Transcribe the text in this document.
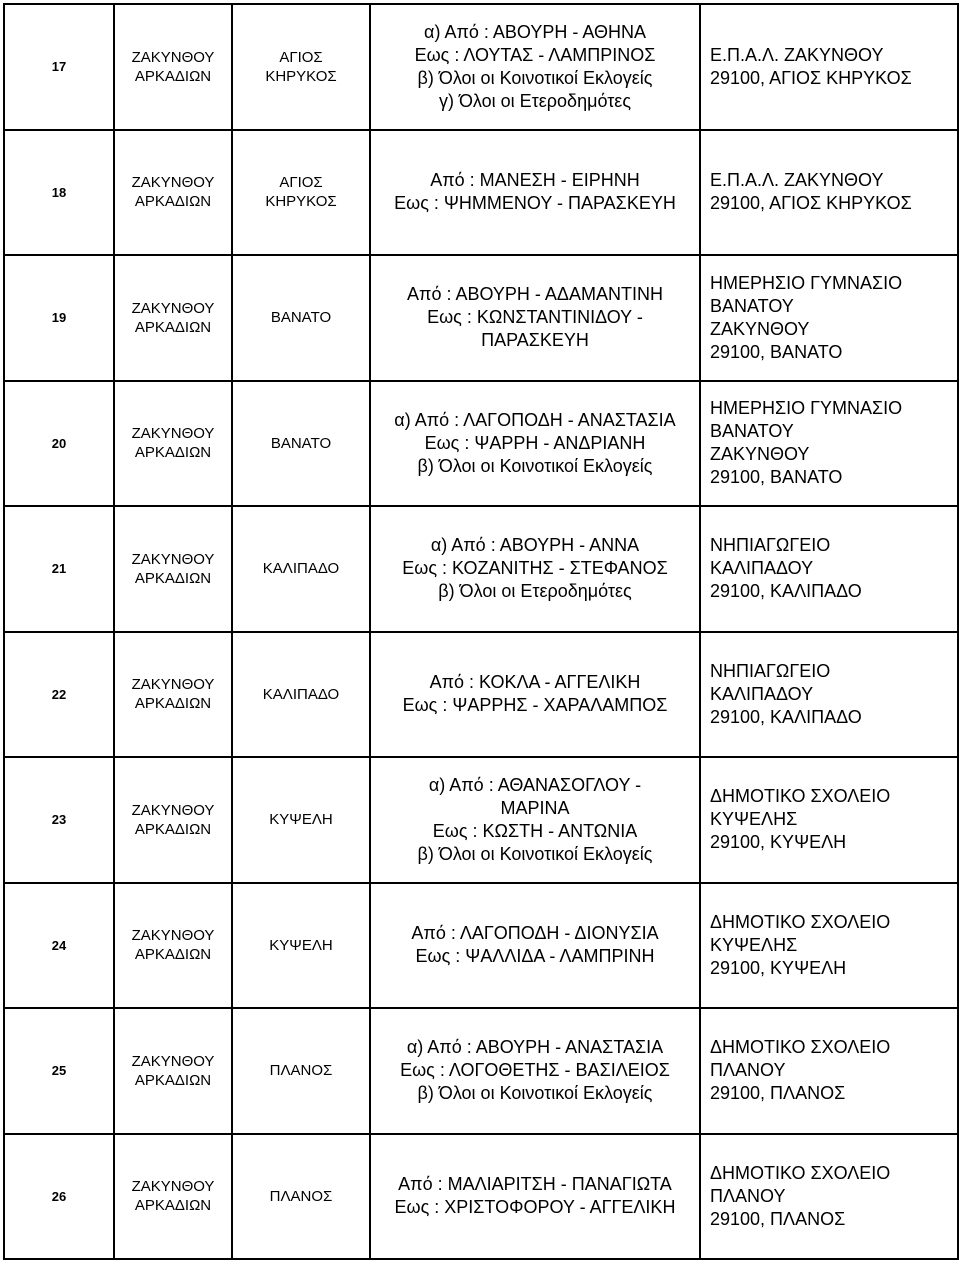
17	ΖΑΚΥΝΘΟΥ
ΑΡΚΑΔΙΩΝ	ΑΓΙΟΣ
ΚΗΡΥΚΟΣ	α) Από : ΑΒΟΥΡΗ - ΑΘΗΝΑ
Εως : ΛΟΥΤΑΣ - ΛΑΜΠΡΙΝΟΣ
β) Όλοι οι Κοινοτικοί Εκλογείς
γ) Όλοι οι Ετεροδημότες	Ε.Π.Α.Λ. ΖΑΚΥΝΘΟΥ
29100, ΑΓΙΟΣ ΚΗΡΥΚΟΣ

18	ΖΑΚΥΝΘΟΥ
ΑΡΚΑΔΙΩΝ	ΑΓΙΟΣ
ΚΗΡΥΚΟΣ	Από : ΜΑΝΕΣΗ - ΕΙΡΗΝΗ
Εως : ΨΗΜΜΕΝΟΥ - ΠΑΡΑΣΚΕΥΗ	Ε.Π.Α.Λ. ΖΑΚΥΝΘΟΥ
29100, ΑΓΙΟΣ ΚΗΡΥΚΟΣ

19	ΖΑΚΥΝΘΟΥ
ΑΡΚΑΔΙΩΝ	ΒΑΝΑΤΟ	Από : ΑΒΟΥΡΗ - ΑΔΑΜΑΝΤΙΝΗ
Εως : ΚΩΝΣΤΑΝΤΙΝΙΔΟΥ -
ΠΑΡΑΣΚΕΥΗ	ΗΜΕΡΗΣΙΟ ΓΥΜΝΑΣΙΟ
ΒΑΝΑΤΟΥ
ΖΑΚΥΝΘΟΥ
29100, ΒΑΝΑΤΟ

20	ΖΑΚΥΝΘΟΥ
ΑΡΚΑΔΙΩΝ	ΒΑΝΑΤΟ	α) Από : ΛΑΓΟΠΟΔΗ - ΑΝΑΣΤΑΣΙΑ
Εως : ΨΑΡΡΗ - ΑΝΔΡΙΑΝΗ
β) Όλοι οι Κοινοτικοί Εκλογείς	ΗΜΕΡΗΣΙΟ ΓΥΜΝΑΣΙΟ
ΒΑΝΑΤΟΥ
ΖΑΚΥΝΘΟΥ
29100, ΒΑΝΑΤΟ

21	ΖΑΚΥΝΘΟΥ
ΑΡΚΑΔΙΩΝ	ΚΑΛΙΠΑΔΟ	α) Από : ΑΒΟΥΡΗ - ΑΝΝΑ
Εως : ΚΟΖΑΝΙΤΗΣ - ΣΤΕΦΑΝΟΣ
β) Όλοι οι Ετεροδημότες	ΝΗΠΙΑΓΩΓΕΙΟ
ΚΑΛΙΠΑΔΟΥ
29100, ΚΑΛΙΠΑΔΟ

22	ΖΑΚΥΝΘΟΥ
ΑΡΚΑΔΙΩΝ	ΚΑΛΙΠΑΔΟ	Από : ΚΟΚΛΑ - ΑΓΓΕΛΙΚΗ
Εως : ΨΑΡΡΗΣ - ΧΑΡΑΛΑΜΠΟΣ	ΝΗΠΙΑΓΩΓΕΙΟ
ΚΑΛΙΠΑΔΟΥ
29100, ΚΑΛΙΠΑΔΟ

23	ΖΑΚΥΝΘΟΥ
ΑΡΚΑΔΙΩΝ	ΚΥΨΕΛΗ	α) Από : ΑΘΑΝΑΣΟΓΛΟΥ -
ΜΑΡΙΝΑ
Εως : ΚΩΣΤΗ - ΑΝΤΩΝΙΑ
β) Όλοι οι Κοινοτικοί Εκλογείς	ΔΗΜΟΤΙΚΟ ΣΧΟΛΕΙΟ
ΚΥΨΕΛΗΣ
29100, ΚΥΨΕΛΗ

24	ΖΑΚΥΝΘΟΥ
ΑΡΚΑΔΙΩΝ	ΚΥΨΕΛΗ	Από : ΛΑΓΟΠΟΔΗ - ΔΙΟΝΥΣΙΑ
Εως : ΨΑΛΛΙΔΑ - ΛΑΜΠΡΙΝΗ	ΔΗΜΟΤΙΚΟ ΣΧΟΛΕΙΟ
ΚΥΨΕΛΗΣ
29100, ΚΥΨΕΛΗ

25	ΖΑΚΥΝΘΟΥ
ΑΡΚΑΔΙΩΝ	ΠΛΑΝΟΣ	α) Από : ΑΒΟΥΡΗ - ΑΝΑΣΤΑΣΙΑ
Εως : ΛΟΓΟΘΕΤΗΣ - ΒΑΣΙΛΕΙΟΣ
β) Όλοι οι Κοινοτικοί Εκλογείς	ΔΗΜΟΤΙΚΟ ΣΧΟΛΕΙΟ
ΠΛΑΝΟΥ
29100, ΠΛΑΝΟΣ

26	ΖΑΚΥΝΘΟΥ
ΑΡΚΑΔΙΩΝ	ΠΛΑΝΟΣ	Από : ΜΑΛΙΑΡΙΤΣΗ - ΠΑΝΑΓΙΩΤΑ
Εως : ΧΡΙΣΤΟΦΟΡΟΥ - ΑΓΓΕΛΙΚΗ	ΔΗΜΟΤΙΚΟ ΣΧΟΛΕΙΟ
ΠΛΑΝΟΥ
29100, ΠΛΑΝΟΣ
